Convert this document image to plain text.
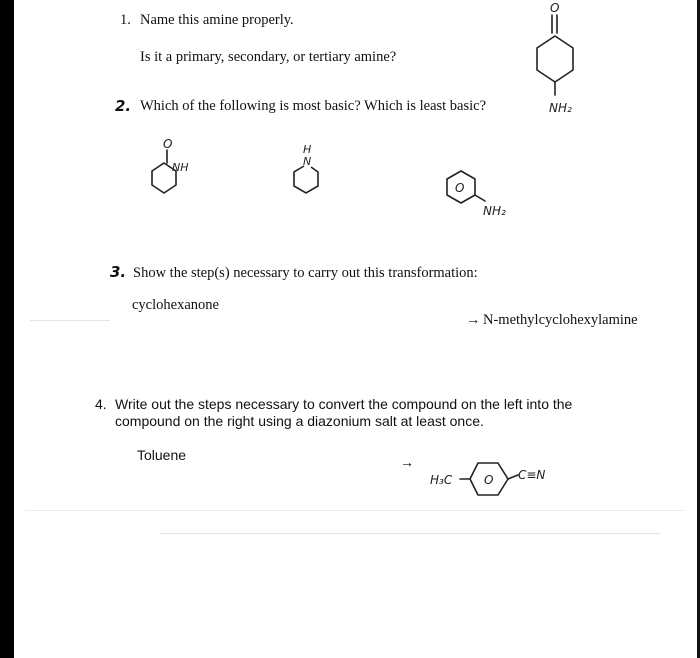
1. Name this amine properly.
Is it a primary, secondary, or tertiary amine?
O
NH₂
2. Which of the following is most basic? Which is least basic?
O
NH
H
N
O
NH₂
3. Show the step(s) necessary to carry out this transformation:
cyclohexanone
→ N-methylcyclohexylamine
4. Write out the steps necessary to convert the compound on the left into the
compound on the right using a diazonium salt at least once.
Toluene	→
H₃C	O C≡N
